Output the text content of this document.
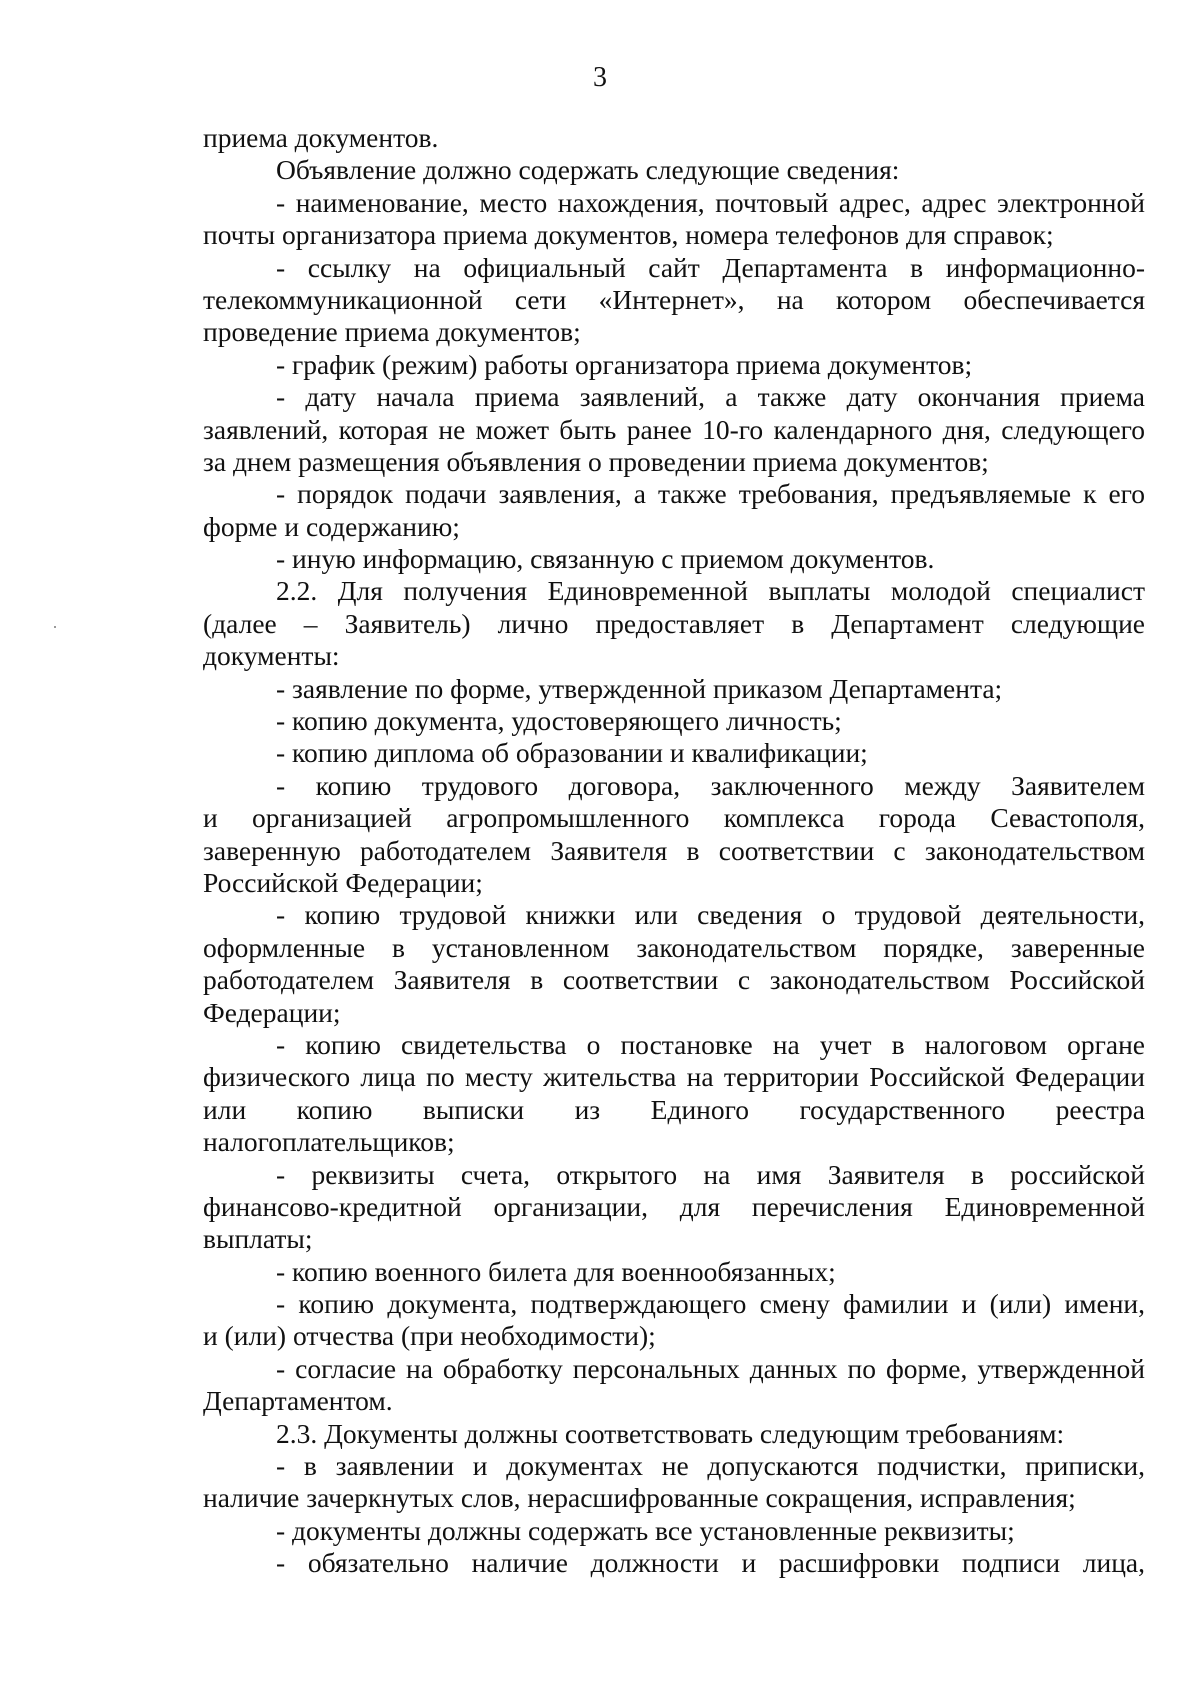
3
приема документов.
Объявление должно содержать следующие сведения:
- наименование, место нахождения, почтовый адрес, адрес электронной
почты организатора приема документов, номера телефонов для справок;
- ссылку на официальный сайт Департамента в информационно-
телекоммуникационной сети «Интернет», на котором обеспечивается
проведение приема документов;
- график (режим) работы организатора приема документов;
- дату начала приема заявлений, а также дату окончания приема
заявлений, которая не может быть ранее 10-го календарного дня, следующего
за днем размещения объявления о проведении приема документов;
- порядок подачи заявления, а также требования, предъявляемые к его
форме и содержанию;
- иную информацию, связанную с приемом документов.
2.2. Для получения Единовременной выплаты молодой специалист
(далее – Заявитель) лично предоставляет в Департамент следующие
документы:
- заявление по форме, утвержденной приказом Департамента;
- копию документа, удостоверяющего личность;
- копию диплома об образовании и квалификации;
- копию трудового договора, заключенного между Заявителем
и организацией агропромышленного комплекса города Севастополя,
заверенную работодателем Заявителя в соответствии с законодательством
Российской Федерации;
- копию трудовой книжки или сведения о трудовой деятельности,
оформленные в установленном законодательством порядке, заверенные
работодателем Заявителя в соответствии с законодательством Российской
Федерации;
- копию свидетельства о постановке на учет в налоговом органе
физического лица по месту жительства на территории Российской Федерации
или копию выписки из Единого государственного реестра
налогоплательщиков;
- реквизиты счета, открытого на имя Заявителя в российской
финансово-кредитной организации, для перечисления Единовременной
выплаты;
- копию военного билета для военнообязанных;
- копию документа, подтверждающего смену фамилии и (или) имени,
и (или) отчества (при необходимости);
- согласие на обработку персональных данных по форме, утвержденной
Департаментом.
2.3. Документы должны соответствовать следующим требованиям:
- в заявлении и документах не допускаются подчистки, приписки,
наличие зачеркнутых слов, нерасшифрованные сокращения, исправления;
- документы должны содержать все установленные реквизиты;
- обязательно наличие должности и расшифровки подписи лица,
